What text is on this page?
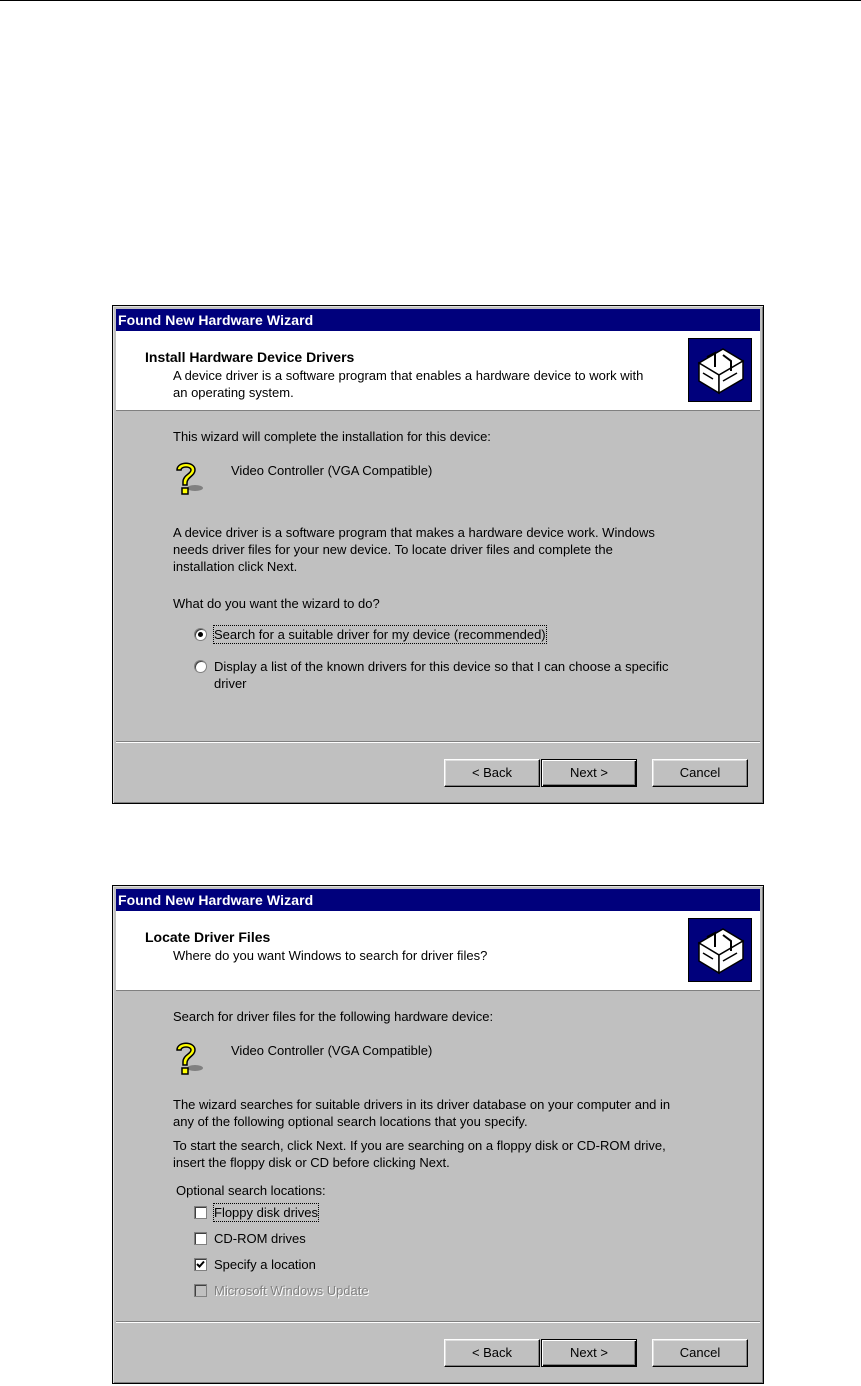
Found New Hardware Wizard
Install Hardware Device Drivers
A device driver is a software program that enables a hardware device to work with
an operating system.
This wizard will complete the installation for this device:
Video Controller (VGA Compatible)
A device driver is a software program that makes a hardware device work. Windows
needs driver files for your new device. To locate driver files and complete the
installation click Next.
What do you want the wizard to do?
Search for a suitable driver for my device (recommended)
Display a list of the known drivers for this device so that I can choose a specific
driver
< Back	Next >	Cancel
Found New Hardware Wizard
Locate Driver Files
Where do you want Windows to search for driver files?
Search for driver files for the following hardware device:
Video Controller (VGA Compatible)
The wizard searches for suitable drivers in its driver database on your computer and in
any of the following optional search locations that you specify.
To start the search, click Next. If you are searching on a floppy disk or CD-ROM drive,
insert the floppy disk or CD before clicking Next.
Optional search locations:
Floppy disk drives
CD-ROM drives
Specify a location
Microsoft Windows Update
< Back	Next >	Cancel
